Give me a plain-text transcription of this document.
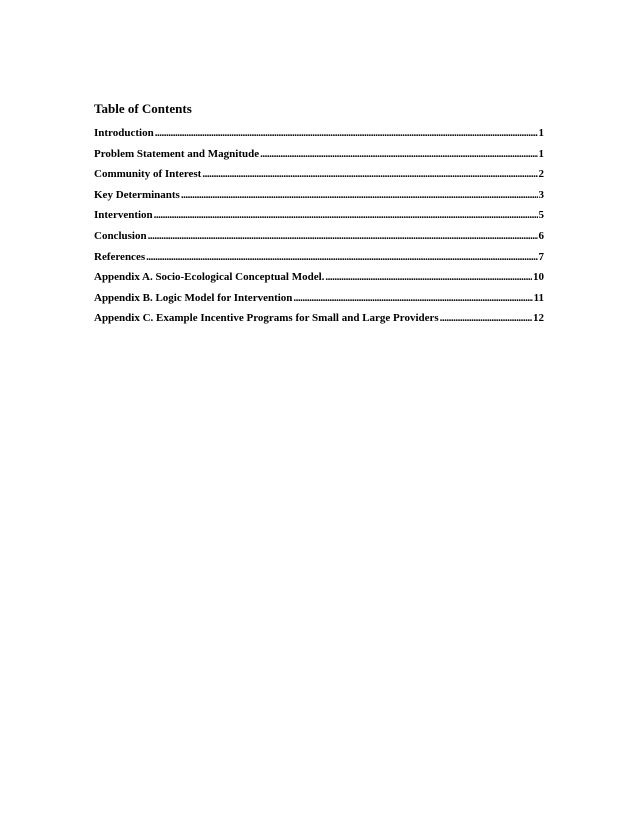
Table of Contents
Introduction .....	1
Problem Statement and Magnitude .....	1
Community of Interest .....	2
Key Determinants .....	3
Intervention .....	5
Conclusion .....	6
References .....	7
Appendix A. Socio-Ecological Conceptual Model. .....	10
Appendix B. Logic Model for Intervention .....	11
Appendix C. Example Incentive Programs for Small and Large Providers .....	12
